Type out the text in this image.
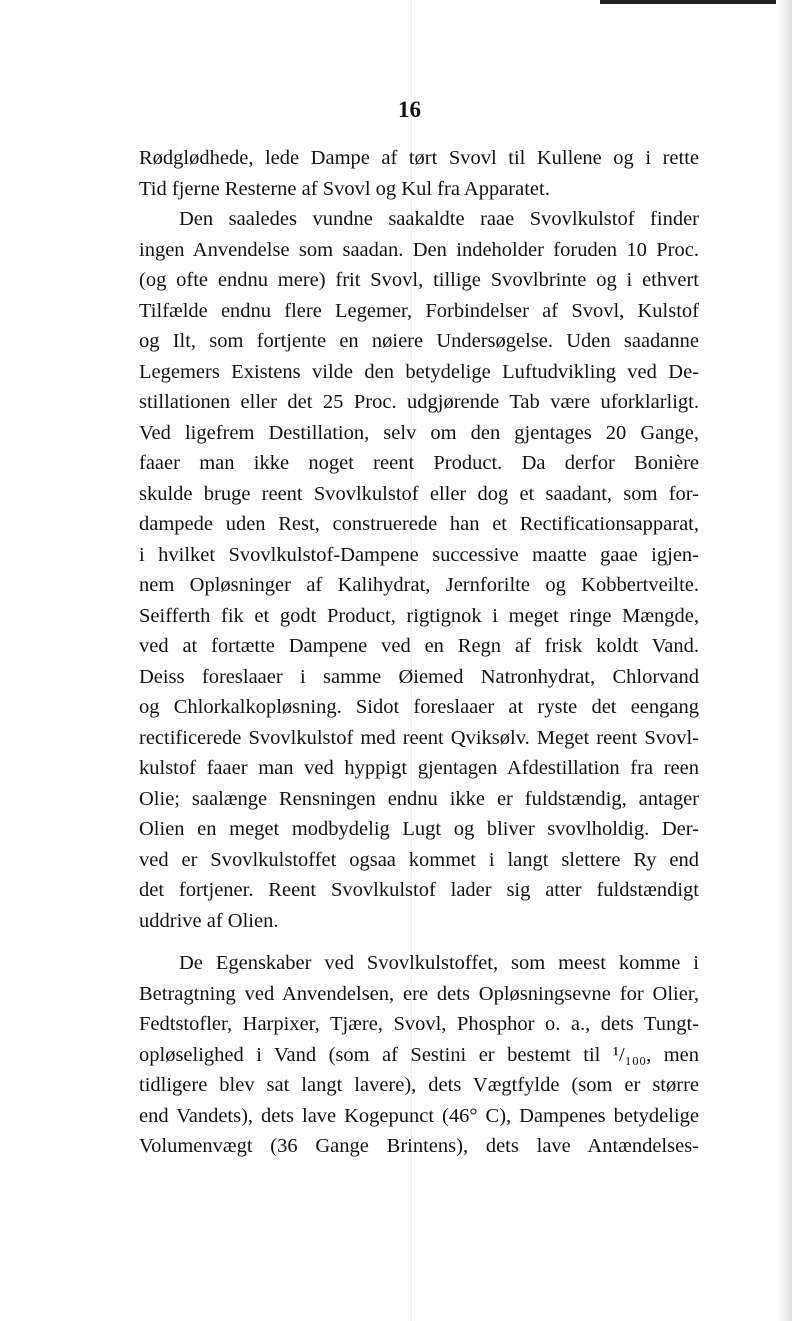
16
Rødglødhede, lede Dampe af tørt Svovl til Kullene og i rette
Tid fjerne Resterne af Svovl og Kul fra Apparatet.
Den saaledes vundne saakaldte raae Svovlkulstof finder
ingen Anvendelse som saadan. Den indeholder foruden 10 Proc.
(og ofte endnu mere) frit Svovl, tillige Svovlbrinte og i ethvert
Tilfælde endnu flere Legemer, Forbindelser af Svovl, Kulstof
og Ilt, som fortjente en nøiere Undersøgelse. Uden saadanne
Legemers Existens vilde den betydelige Luftudvikling ved De-
stillationen eller det 25 Proc. udgjørende Tab være uforklarligt.
Ved ligefrem Destillation, selv om den gjentages 20 Gange,
faaer man ikke noget reent Product. Da derfor Bonière
skulde bruge reent Svovlkulstof eller dog et saadant, som for-
dampede uden Rest, construerede han et Rectificationsapparat,
i hvilket Svovlkulstof-Dampene successive maatte gaae igjen-
nem Opløsninger af Kalihydrat, Jernforilte og Kobbertveilte.
Seifferth fik et godt Product, rigtignok i meget ringe Mængde,
ved at fortætte Dampene ved en Regn af frisk koldt Vand.
Deiss foreslaaer i samme Øiemed Natronhydrat, Chlorvand
og Chlorkalkopløsning. Sidot foreslaaer at ryste det eengang
rectificerede Svovlkulstof med reent Qviksølv. Meget reent Svovl-
kulstof faaer man ved hyppigt gjentagen Afdestillation fra reen
Olie; saalænge Rensningen endnu ikke er fuldstændig, antager
Olien en meget modbydelig Lugt og bliver svovlholdig. Der-
ved er Svovlkulstoffet ogsaa kommet i langt slettere Ry end
det fortjener. Reent Svovlkulstof lader sig atter fuldstændigt
uddrive af Olien.
De Egenskaber ved Svovlkulstoffet, som meest komme i
Betragtning ved Anvendelsen, ere dets Opløsningsevne for Olier,
Fedtstofler, Harpixer, Tjære, Svovl, Phosphor o. a., dets Tungt-
opløselighed i Vand (som af Sestini er bestemt til ¹/₁₀₀, men
tidligere blev sat langt lavere), dets Vægtfylde (som er større
end Vandets), dets lave Kogepunct (46° C), Dampenes betydelige
Volumenvægt (36 Gange Brintens), dets lave Antændelses-
